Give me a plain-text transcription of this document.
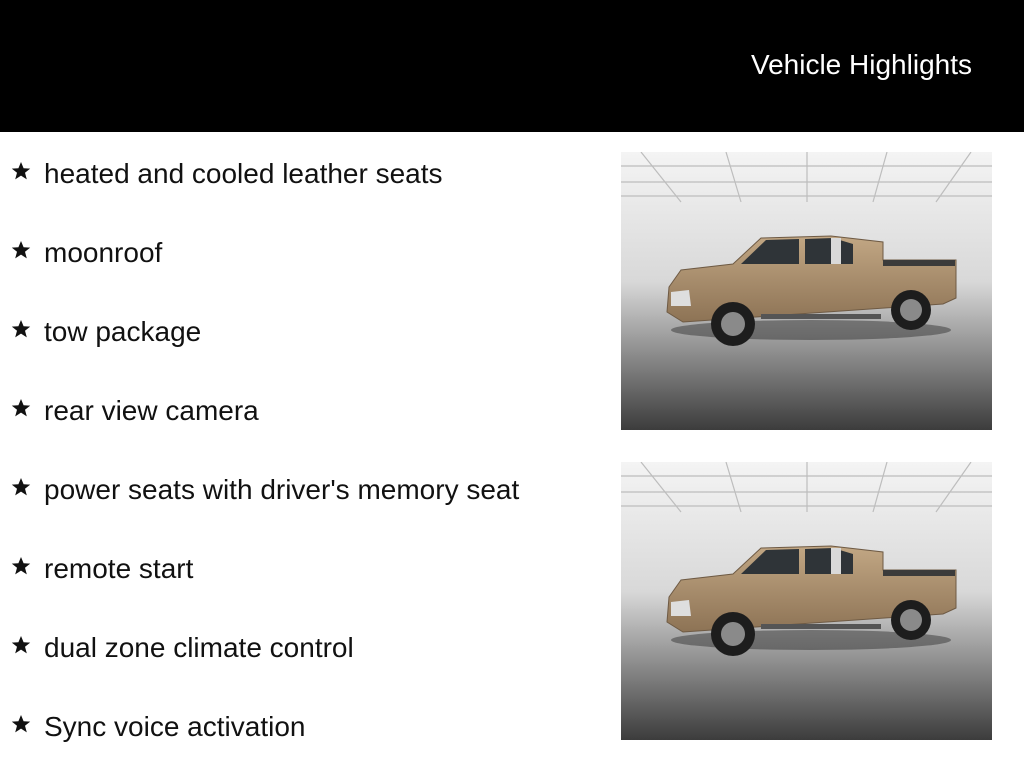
Vehicle Highlights
heated and cooled leather seats
moonroof
tow package
rear view camera
power seats with driver's memory seat
remote start
dual zone climate control
Sync voice activation
